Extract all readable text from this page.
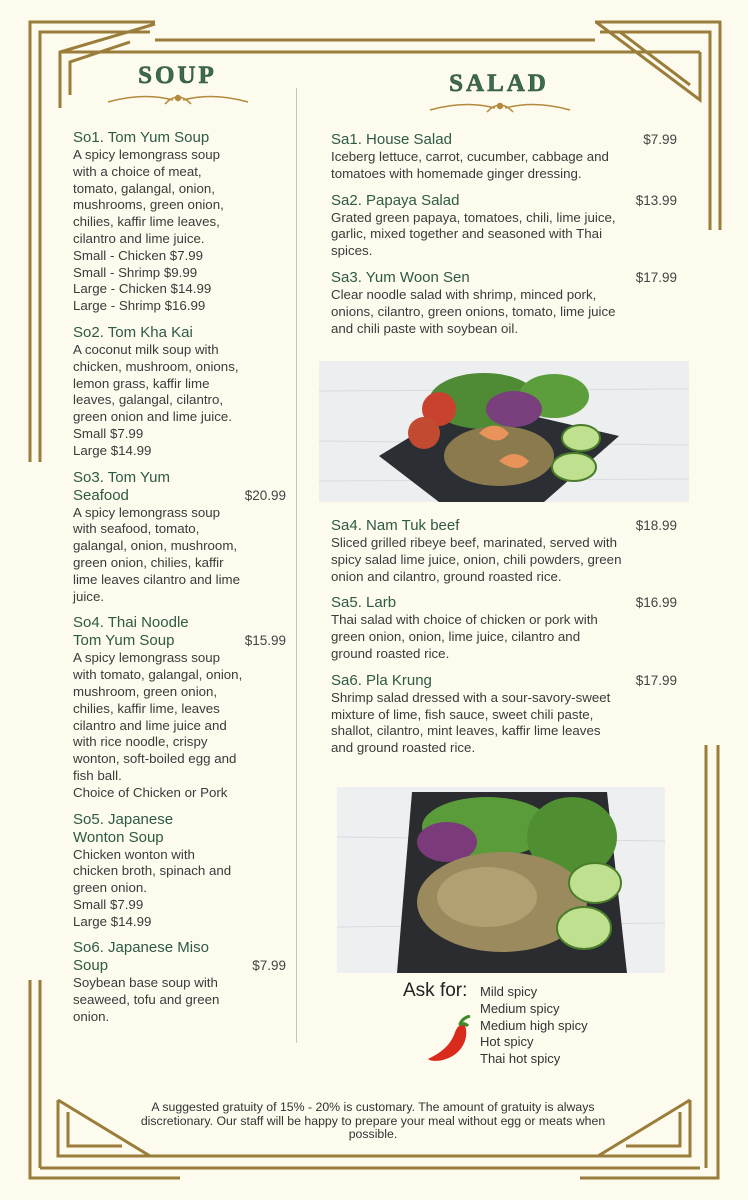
SOUP	SALAD
So1. Tom Yum Soup
A spicy lemongrass soup
with a choice of meat,
tomato, galangal, onion,
mushrooms, green onion,
chilies, kaffir lime leaves,
cilantro and lime juice.
Small - Chicken $7.99
Small - Shrimp $9.99
Large - Chicken $14.99
Large - Shrimp $16.99
So2. Tom Kha Kai
A coconut milk soup with
chicken, mushroom, onions,
lemon grass, kaffir lime
leaves, galangal, cilantro,
green onion and lime juice.
Small $7.99
Large $14.99
So3. Tom Yum
Seafood	$20.99
A spicy lemongrass soup
with seafood, tomato,
galangal, onion, mushroom,
green onion, chilies, kaffir
lime leaves cilantro and lime
juice.
So4. Thai Noodle
Tom Yum Soup	$15.99
A spicy lemongrass soup
with tomato, galangal, onion,
mushroom, green onion,
chilies, kaffir lime, leaves
cilantro and lime juice and
with rice noodle, crispy
wonton, soft-boiled egg and
fish ball.
Choice of Chicken or Pork
So5. Japanese
Wonton Soup
Chicken wonton with
chicken broth, spinach and
green onion.
Small $7.99
Large $14.99
So6. Japanese Miso
Soup	$7.99
Soybean base soup with
seaweed, tofu and green
onion.
Sa1. House Salad	$7.99
Iceberg lettuce, carrot, cucumber, cabbage and
tomatoes with homemade ginger dressing.
Sa2. Papaya Salad	$13.99
Grated green papaya, tomatoes, chili, lime juice,
garlic, mixed together and seasoned with Thai
spices.
Sa3. Yum Woon Sen	$17.99
Clear noodle salad with shrimp, minced pork,
onions, cilantro, green onions, tomato, lime juice
and chili paste with soybean oil.
Sa4. Nam Tuk beef	$18.99
Sliced grilled ribeye beef, marinated, served with
spicy salad lime juice, onion, chili powders, green
onion and cilantro, ground roasted rice.
Sa5. Larb	$16.99
Thai salad with choice of chicken or pork with
green onion, onion, lime juice, cilantro and
ground roasted rice.
Sa6. Pla Krung	$17.99
Shrimp salad dressed with a sour-savory-sweet
mixture of lime, fish sauce, sweet chili paste,
shallot, cilantro, mint leaves, kaffir lime leaves
and ground roasted rice.
Ask for: Mild spicy
Medium spicy
Medium high spicy
Hot spicy
Thai hot spicy
A suggested gratuity of 15% - 20% is customary. The amount of gratuity is always discretionary. Our staff will be happy to prepare your meal without egg or meats when possible.
